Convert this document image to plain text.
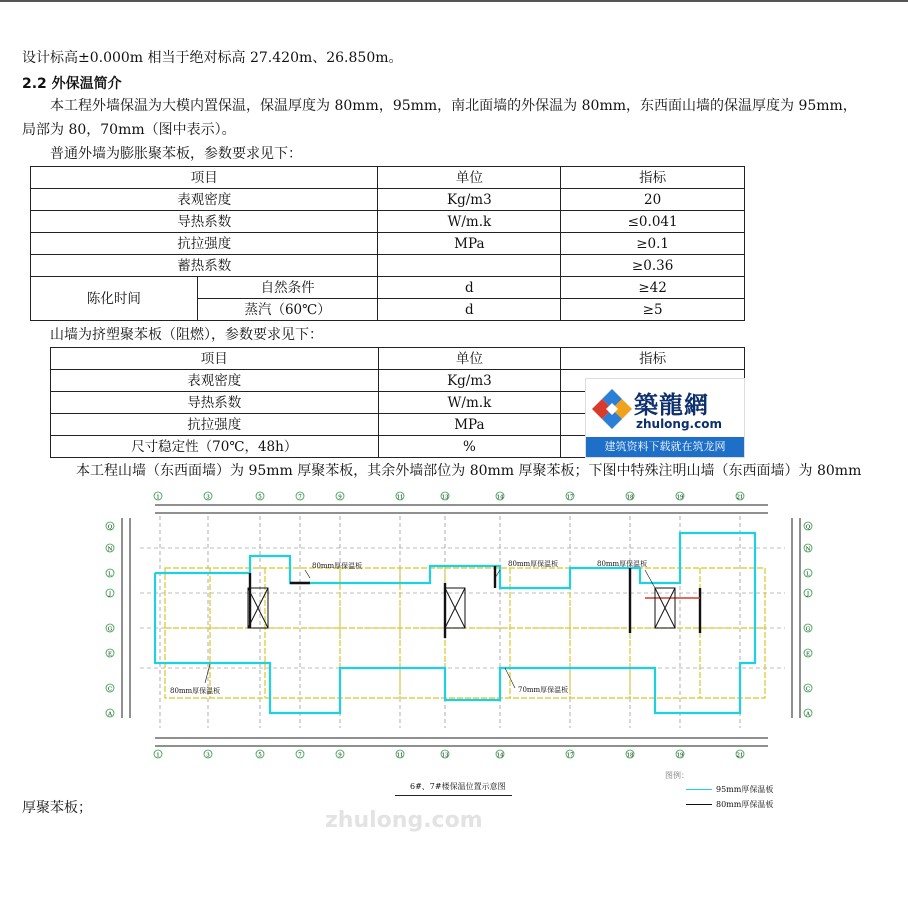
设计标高±0.000m 相当于绝对标高 27.420m、26.850m。
2.2 外保温简介
本工程外墙保温为大模内置保温，保温厚度为 80mm，95mm，南北面墙的外保温为 80mm，东西面山墙的保温厚度为 95mm，
局部为 80，70mm（图中表示）。
普通外墙为膨胀聚苯板，参数要求见下：
项目		单位	指标
表观密度		Kg/m3	20
导热系数		W/m.k	≤0.041
抗拉强度		MPa	≥0.1
蓄热系数			≥0.36
陈化时间	自然条件	d	≥42
	蒸汽（60℃）	d	≥5
山墙为挤塑聚苯板（阻燃），参数要求见下：
项目	单位	指标
表观密度	Kg/m3	
导热系数	W/m.k	
抗拉强度	MPa	
尺寸稳定性（70℃，48h）	%	
築龍網
zhulong.com
建筑资料下载就在筑龙网
本工程山墙（东西面墙）为 95mm 厚聚苯板，其余外墙部位为 80mm 厚聚苯板；下图中特殊注明山墙（东西面墙）为 80mm
80mm厚保温板	80mm厚保温板	80mm厚保温板
80mm厚保温板	70mm厚保温板
1
1
3
3
5
5
7
7
9
9
11
11
13
13
14
14
17
17
18
18
19
19
21
21
Q	Q
N	N
L	L
J	J
G	G
E	E
C	C
A	A
6#、7#楼保温位置示意图
图例：
95mm厚保温板
80mm厚保温板
厚聚苯板；	zhulong.com
